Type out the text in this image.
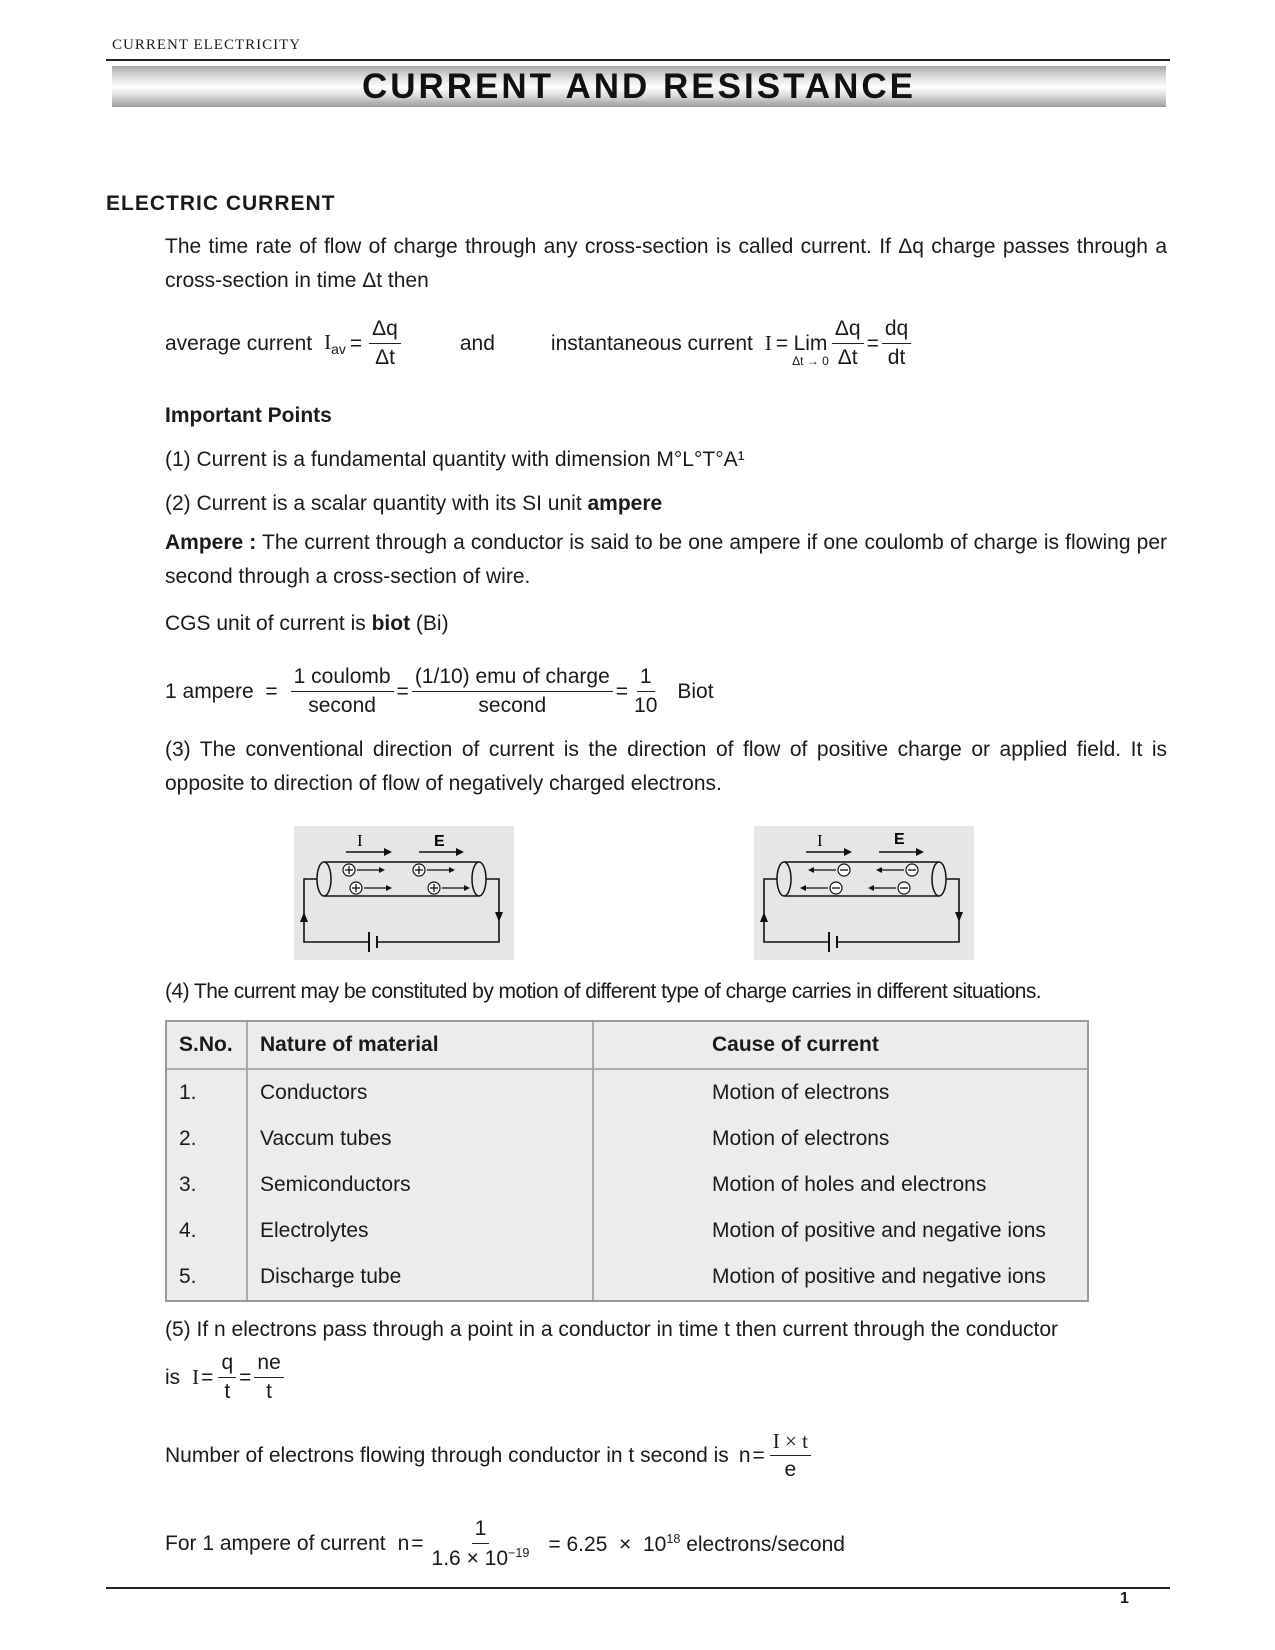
CURRENT ELECTRICITY
CURRENT AND RESISTANCE
ELECTRIC CURRENT
The time rate of flow of charge through any cross-section is called current. If Δq charge passes through a cross-section in time Δt then
average current $I_{av} = \frac{\Delta q}{\Delta t}$	and	instantaneous current I = Lim
$\Delta t \to 0 \frac{\Delta q}{\Delta t} = \frac{dq}{dt}$
Important Points
(1) Current is a fundamental quantity with dimension M°L°T°A¹
(2) Current is a scalar quantity with its SI unit ampere
Ampere : The current through a conductor is said to be one ampere if one coulomb of charge is flowing per second through a cross-section of wire.
CGS unit of current is biot (Bi)
1 ampere  = $\frac{\text{1 coulomb}}{\text{second}} = \frac{\text{(1/10) emu of charge}}{\text{second}} = \frac{1}{10}$ Biot
(3) The conventional direction of current is the direction of flow of positive charge or applied field. It is opposite to direction of flow of negatively charged electrons.
I	E	I	E
(4) The current may be constituted by motion of different type of charge carries in different situations.
S.No.	Nature of material	Cause of current
1.	Conductors	Motion of electrons
2.	Vaccum tubes	Motion of electrons
3.	Semiconductors	Motion of holes and electrons
4.	Electrolytes	Motion of positive and negative ions
5.	Discharge tube	Motion of positive and negative ions
(5) If n electrons pass through a point in a conductor in time t then current through the conductor
is $I = \frac{q}{t} = \frac{ne}{t}$
Number of electrons flowing through conductor in t second is $n = \frac{I \times t}{e}$
For 1 ampere of current $n = \frac{1}{1.6 \times 10^{-19}} = 6.25 \times 10^{18}$ electrons/second
1
